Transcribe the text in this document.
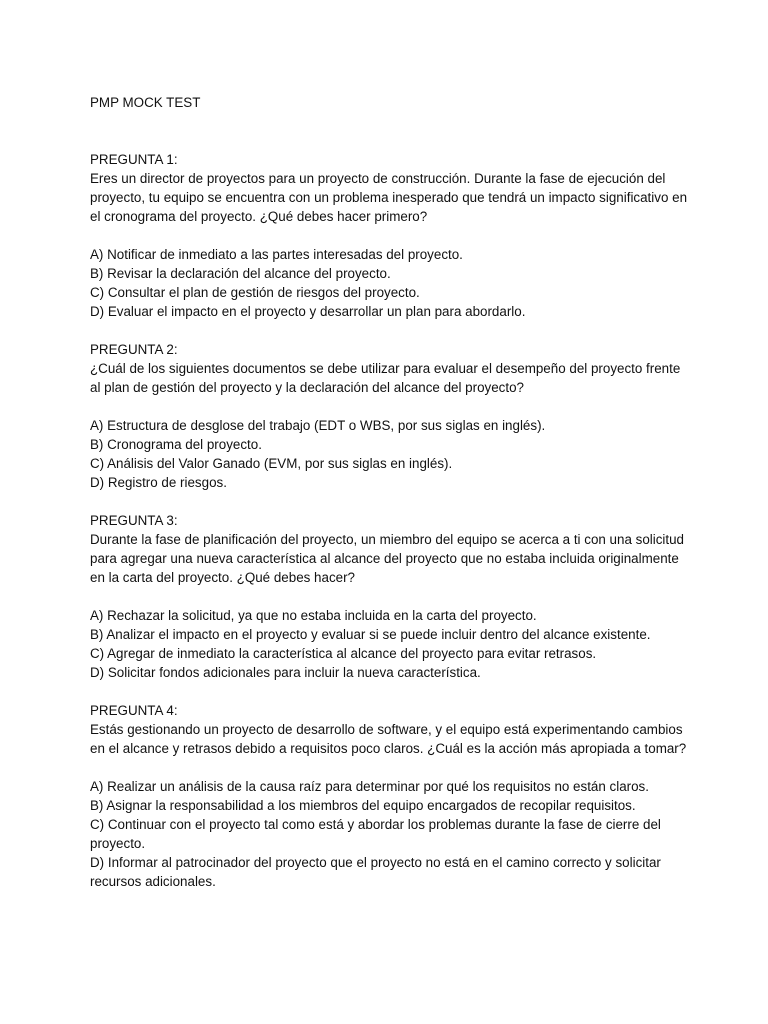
PMP MOCK TEST

PREGUNTA 1:

Eres un director de proyectos para un proyecto de construcción. Durante la fase de ejecución del proyecto, tu equipo se encuentra con un problema inesperado que tendrá un impacto significativo en el cronograma del proyecto. ¿Qué debes hacer primero?

A) Notificar de inmediato a las partes interesadas del proyecto.
B) Revisar la declaración del alcance del proyecto.
C) Consultar el plan de gestión de riesgos del proyecto.
D) Evaluar el impacto en el proyecto y desarrollar un plan para abordarlo.

PREGUNTA 2:

¿Cuál de los siguientes documentos se debe utilizar para evaluar el desempeño del proyecto frente al plan de gestión del proyecto y la declaración del alcance del proyecto?

A) Estructura de desglose del trabajo (EDT o WBS, por sus siglas en inglés).
B) Cronograma del proyecto.
C) Análisis del Valor Ganado (EVM, por sus siglas en inglés).
D) Registro de riesgos.

PREGUNTA 3:

Durante la fase de planificación del proyecto, un miembro del equipo se acerca a ti con una solicitud para agregar una nueva característica al alcance del proyecto que no estaba incluida originalmente en la carta del proyecto. ¿Qué debes hacer?

A) Rechazar la solicitud, ya que no estaba incluida en la carta del proyecto.
B) Analizar el impacto en el proyecto y evaluar si se puede incluir dentro del alcance existente.
C) Agregar de inmediato la característica al alcance del proyecto para evitar retrasos.
D) Solicitar fondos adicionales para incluir la nueva característica.

PREGUNTA 4:

Estás gestionando un proyecto de desarrollo de software, y el equipo está experimentando cambios en el alcance y retrasos debido a requisitos poco claros. ¿Cuál es la acción más apropiada a tomar?

A) Realizar un análisis de la causa raíz para determinar por qué los requisitos no están claros.
B) Asignar la responsabilidad a los miembros del equipo encargados de recopilar requisitos.
C) Continuar con el proyecto tal como está y abordar los problemas durante la fase de cierre del proyecto.
D) Informar al patrocinador del proyecto que el proyecto no está en el camino correcto y solicitar recursos adicionales.
